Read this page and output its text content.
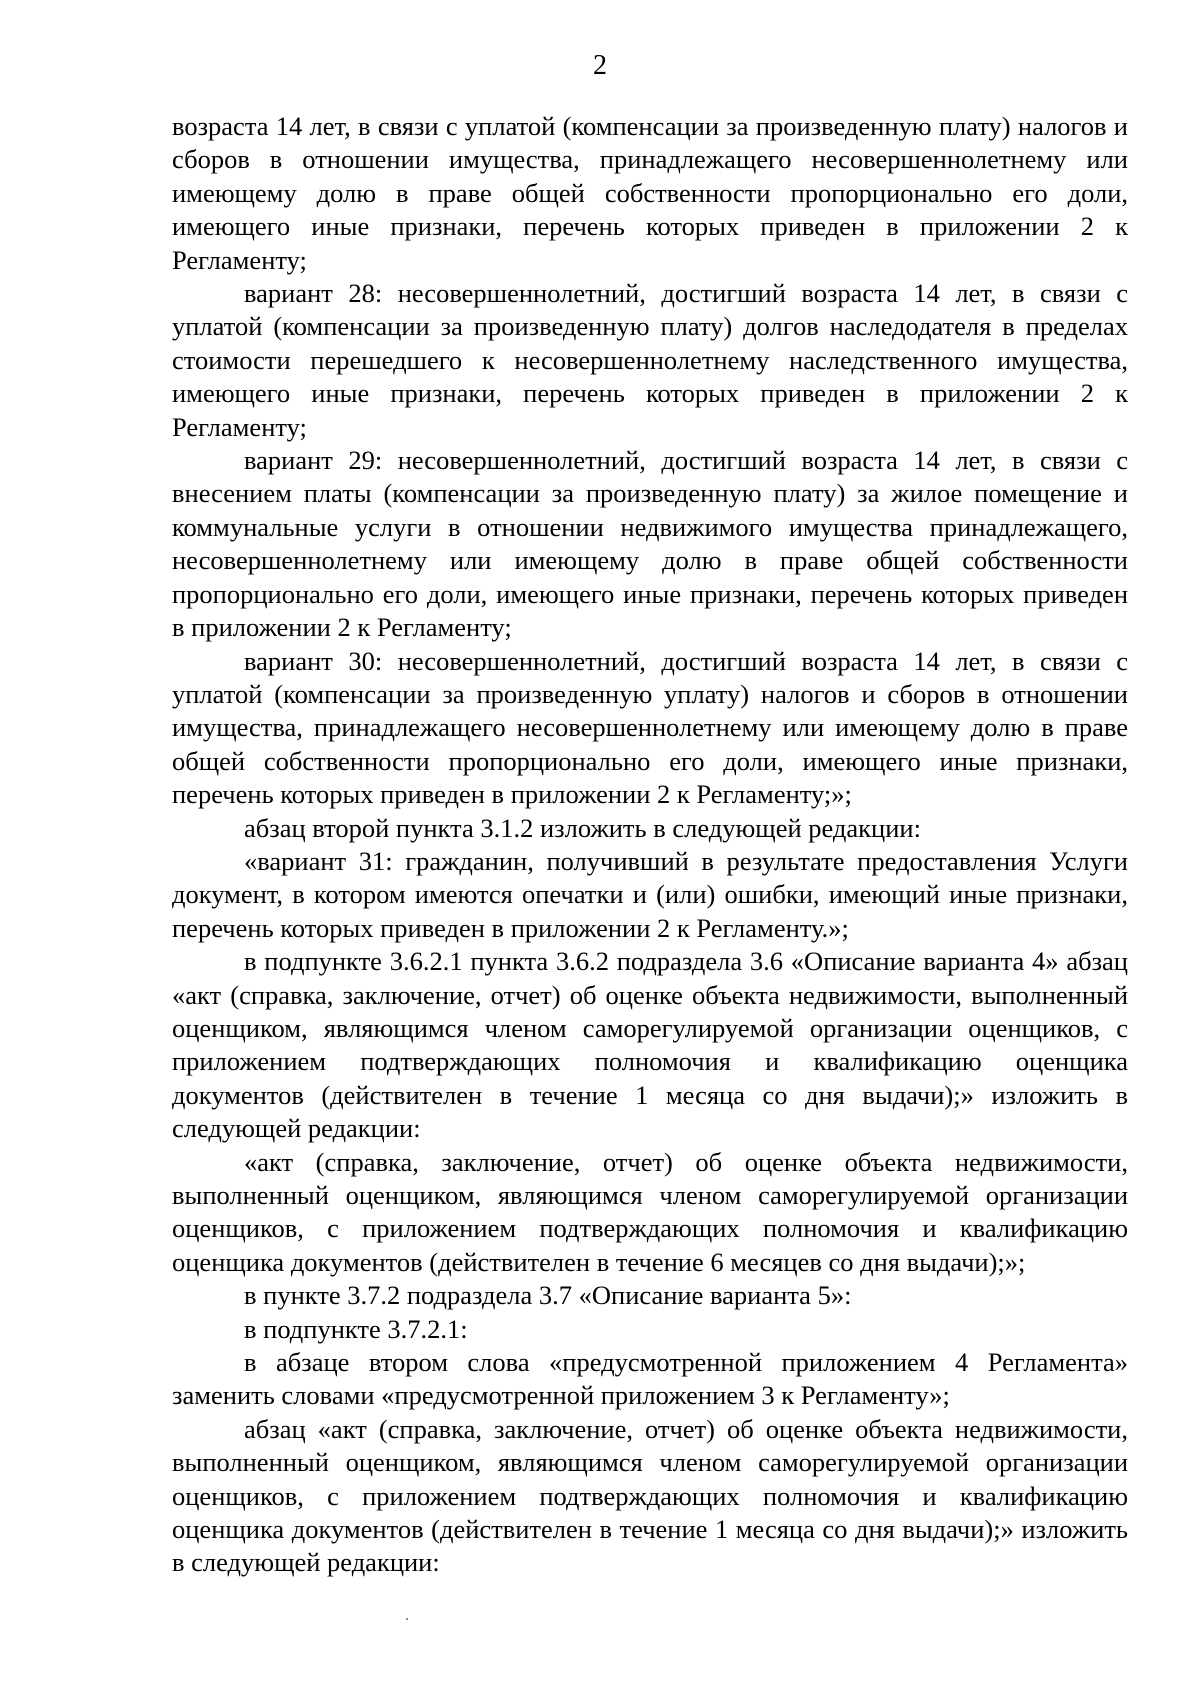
2

возраста 14 лет, в связи с уплатой (компенсации за произведенную плату) налогов и сборов в отношении имущества, принадлежащего несовершеннолетнему или имеющему долю в праве общей собственности пропорционально его доли, имеющего иные признаки, перечень которых приведен в приложении 2 к Регламенту;

вариант 28: несовершеннолетний, достигший возраста 14 лет, в связи с уплатой (компенсации за произведенную плату) долгов наследодателя в пределах стоимости перешедшего к несовершеннолетнему наследственного имущества, имеющего иные признаки, перечень которых приведен в приложении 2 к Регламенту;

вариант 29: несовершеннолетний, достигший возраста 14 лет, в связи с внесением платы (компенсации за произведенную плату) за жилое помещение и коммунальные услуги в отношении недвижимого имущества принадлежащего, несовершеннолетнему или имеющему долю в праве общей собственности пропорционально его доли, имеющего иные признаки, перечень которых приведен в приложении 2 к Регламенту;

вариант 30: несовершеннолетний, достигший возраста 14 лет, в связи с уплатой (компенсации за произведенную уплату) налогов и сборов в отношении имущества, принадлежащего несовершеннолетнему или имеющему долю в праве общей собственности пропорционально его доли, имеющего иные признаки, перечень которых приведен в приложении 2 к Регламенту;»;

абзац второй пункта 3.1.2 изложить в следующей редакции:

«вариант 31: гражданин, получивший в результате предоставления Услуги документ, в котором имеются опечатки и (или) ошибки, имеющий иные признаки, перечень которых приведен в приложении 2 к Регламенту.»;

в подпункте 3.6.2.1 пункта 3.6.2 подраздела 3.6 «Описание варианта 4» абзац «акт (справка, заключение, отчет) об оценке объекта недвижимости, выполненный оценщиком, являющимся членом саморегулируемой организации оценщиков, с приложением подтверждающих полномочия и квалификацию оценщика документов (действителен в течение 1 месяца со дня выдачи);» изложить в следующей редакции:

«акт (справка, заключение, отчет) об оценке объекта недвижимости, выполненный оценщиком, являющимся членом саморегулируемой организации оценщиков, с приложением подтверждающих полномочия и квалификацию оценщика документов (действителен в течение 6 месяцев со дня выдачи);»;

в пункте 3.7.2 подраздела 3.7 «Описание варианта 5»:

в подпункте 3.7.2.1:

в абзаце втором слова «предусмотренной приложением 4 Регламента» заменить словами «предусмотренной приложением 3 к Регламенту»;

абзац «акт (справка, заключение, отчет) об оценке объекта недвижимости, выполненный оценщиком, являющимся членом саморегулируемой организации оценщиков, с приложением подтверждающих полномочия и квалификацию оценщика документов (действителен в течение 1 месяца со дня выдачи);» изложить в следующей редакции:
